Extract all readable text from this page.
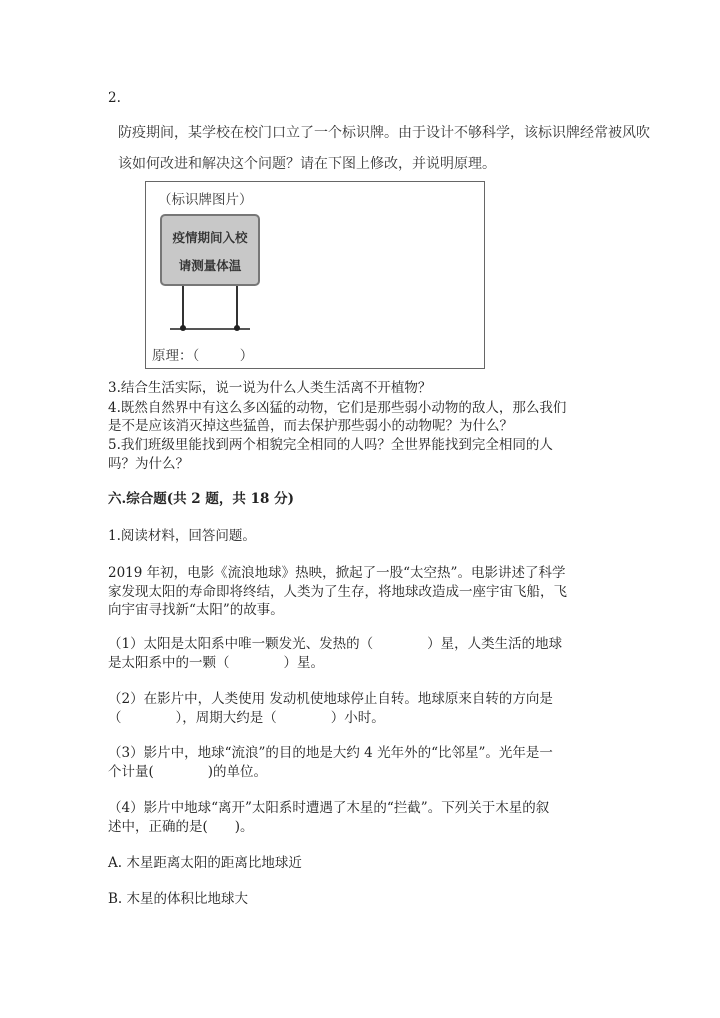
2.
防疫期间，某学校在校门口立了一个标识牌。由于设计不够科学，该标识牌经常被风吹
该如何改进和解决这个问题？请在下图上修改，并说明原理。
（标识牌图片）
疫情期间入校
请测量体温
原理：（　　　）
3.结合生活实际，说一说为什么人类生活离不开植物？
4.既然自然界中有这么多凶猛的动物，它们是那些弱小动物的敌人，那么我们
是不是应该消灭掉这些猛兽，而去保护那些弱小的动物呢？为什么？
5.我们班级里能找到两个相貌完全相同的人吗？全世界能找到完全相同的人
吗？为什么？
六.综合题(共 2 题，共 18 分)
1.阅读材料，回答问题。
2019 年初，电影《流浪地球》热映，掀起了一股“太空热”。电影讲述了科学
家发现太阳的寿命即将终结，人类为了生存，将地球改造成一座宇宙飞船，飞
向宇宙寻找新“太阳”的故事。
（1）太阳是太阳系中唯一颗发光、发热的（　　　　）星，人类生活的地球
是太阳系中的一颗（　　　　）星。
（2）在影片中，人类使用 发动机使地球停止自转。地球原来自转的方向是
（　　　　），周期大约是（　　　　）小时。
（3）影片中，地球“流浪”的目的地是大约 4 光年外的“比邻星”。光年是一
个计量(　　　　)的单位。
（4）影片中地球“离开”太阳系时遭遇了木星的“拦截”。下列关于木星的叙
述中，正确的是(　　)。
A. 木星距离太阳的距离比地球近
B. 木星的体积比地球大
